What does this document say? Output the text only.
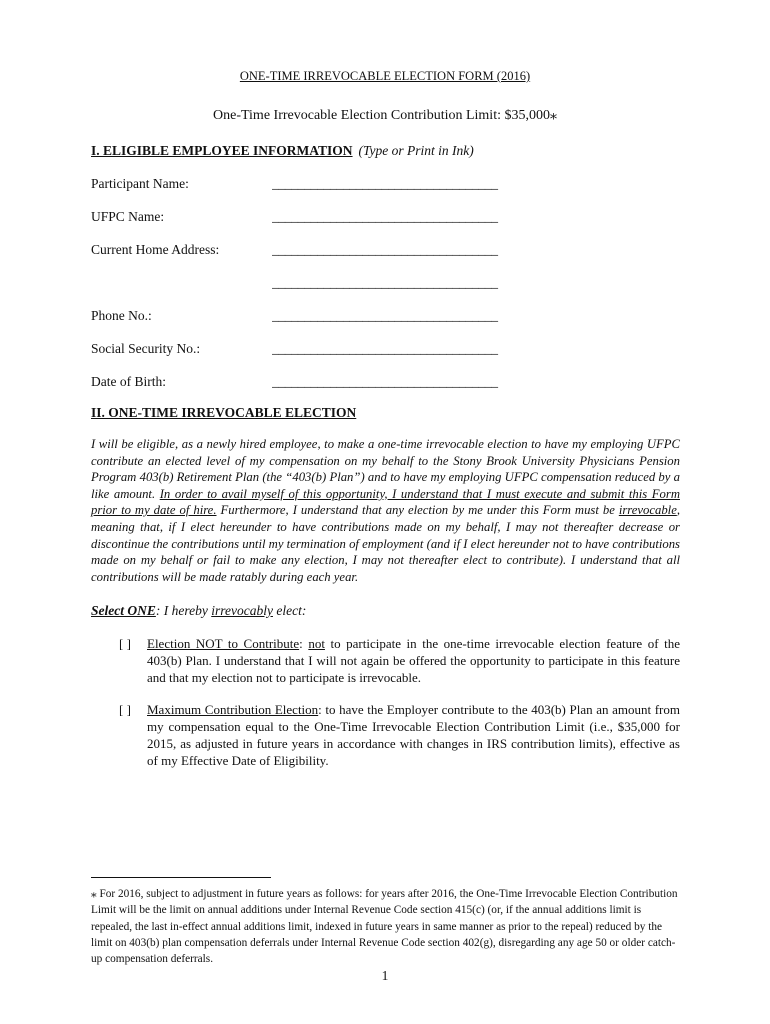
ONE-TIME IRREVOCABLE ELECTION FORM (2016)
One-Time Irrevocable Election Contribution Limit: $35,000⁎
I. ELIGIBLE EMPLOYEE INFORMATION (Type or Print in Ink)
Participant Name:	___________________________________
UFPC Name:	___________________________________
Current Home Address:	___________________________________
___________________________________
Phone No.:	___________________________________
Social Security No.:	___________________________________
Date of Birth:	___________________________________
II. ONE-TIME IRREVOCABLE ELECTION
I will be eligible, as a newly hired employee, to make a one-time irrevocable election to have my employing UFPC contribute an elected level of my compensation on my behalf to the Stony Brook University Physicians Pension Program 403(b) Retirement Plan (the “403(b) Plan”) and to have my employing UFPC compensation reduced by a like amount. In order to avail myself of this opportunity, I understand that I must execute and submit this Form prior to my date of hire. Furthermore, I understand that any election by me under this Form must be irrevocable, meaning that, if I elect hereunder to have contributions made on my behalf, I may not thereafter decrease or discontinue the contributions until my termination of employment (and if I elect hereunder not to have contributions made on my behalf or fail to make any election, I may not thereafter elect to contribute). I understand that all contributions will be made ratably during each year.
Select ONE: I hereby irrevocably elect:
[ ] Election NOT to Contribute: not to participate in the one-time irrevocable election feature of the 403(b) Plan. I understand that I will not again be offered the opportunity to participate in this feature and that my election not to participate is irrevocable.
[ ] Maximum Contribution Election: to have the Employer contribute to the 403(b) Plan an amount from my compensation equal to the One-Time Irrevocable Election Contribution Limit (i.e., $35,000 for 2015, as adjusted in future years in accordance with changes in IRS contribution limits), effective as of my Effective Date of Eligibility.
⁎ For 2016, subject to adjustment in future years as follows: for years after 2016, the One-Time Irrevocable Election Contribution Limit will be the limit on annual additions under Internal Revenue Code section 415(c) (or, if the annual additions limit is repealed, the last in-effect annual additions limit, indexed in future years in same manner as prior to the repeal) reduced by the limit on 403(b) plan compensation deferrals under Internal Revenue Code section 402(g), disregarding any age 50 or older catch-up compensation deferrals.
1
